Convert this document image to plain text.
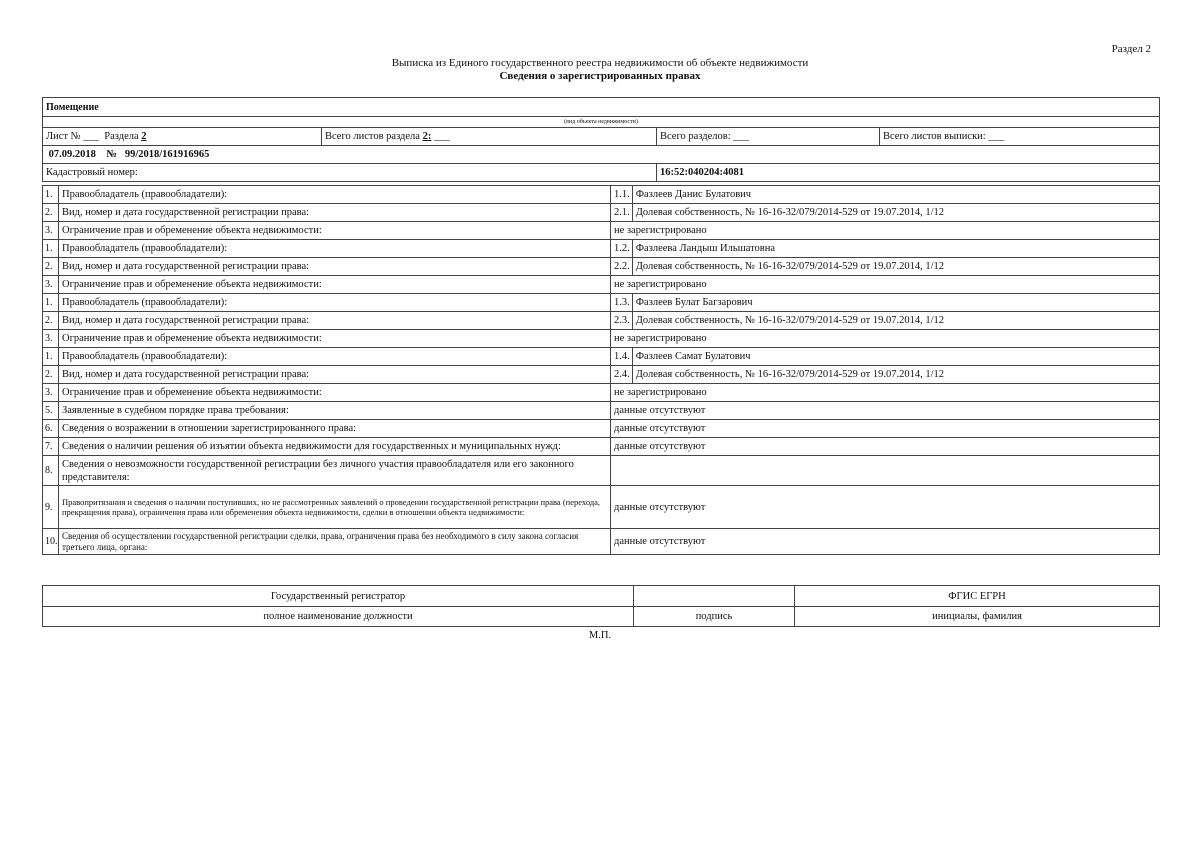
Раздел 2
Выписка из Единого государственного реестра недвижимости об объекте недвижимости
Сведения о зарегистрированных правах
Помещение			
(вид объекта недвижимости)			
Лист № ___ Раздела 2	Всего листов раздела 2: ___	Всего разделов: ___	Всего листов выписки: ___
07.09.2018 № 99/2018/161916965			
Кадастровый номер:		16:52:040204:4081	
1.	Правообладатель (правообладатели):	1.1. Фазлеев Данис Булатович
2.	Вид, номер и дата государственной регистрации права:	2.1. Долевая собственность, № 16-16-32/079/2014-529 от 19.07.2014, 1/12
3.	Ограничение прав и обременение объекта недвижимости:	не зарегистрировано
1.	Правообладатель (правообладатели):	1.2. Фазлеева Ландыш Ильшатовна
2.	Вид, номер и дата государственной регистрации права:	2.2. Долевая собственность, № 16-16-32/079/2014-529 от 19.07.2014, 1/12
3.	Ограничение прав и обременение объекта недвижимости:	не зарегистрировано
1.	Правообладатель (правообладатели):	1.3. Фазлеев Булат Багзарович
2.	Вид, номер и дата государственной регистрации права:	2.3. Долевая собственность, № 16-16-32/079/2014-529 от 19.07.2014, 1/12
3.	Ограничение прав и обременение объекта недвижимости:	не зарегистрировано
1.	Правообладатель (правообладатели):	1.4. Фазлеев Самат Булатович
2.	Вид, номер и дата государственной регистрации права:	2.4. Долевая собственность, № 16-16-32/079/2014-529 от 19.07.2014, 1/12
3.	Ограничение прав и обременение объекта недвижимости:	не зарегистрировано
5.	Заявленные в судебном порядке права требования:	данные отсутствуют
6.	Сведения о возражении в отношении зарегистрированного права:	данные отсутствуют
7.	Сведения о наличии решения об изъятии объекта недвижимости для государственных и муниципальных нужд:	данные отсутствуют
8.	Сведения о невозможности государственной регистрации без личного участия правообладателя или его законного представителя:	
9.	Правопритязания и сведения о наличии поступивших, но не рассмотренных заявлений о проведении государственной регистрации права (перехода, прекращения права), ограничения права или обременения объекта недвижимости, сделки в отношении объекта недвижимости:	данные отсутствуют
10.	Сведения об осуществлении государственной регистрации сделки, права, ограничения права без необходимого в силу закона согласия третьего лица, органа:	данные отсутствуют
Государственный регистратор		ФГИС ЕГРН
полное наименование должности	подпись	инициалы, фамилия
М.П.
